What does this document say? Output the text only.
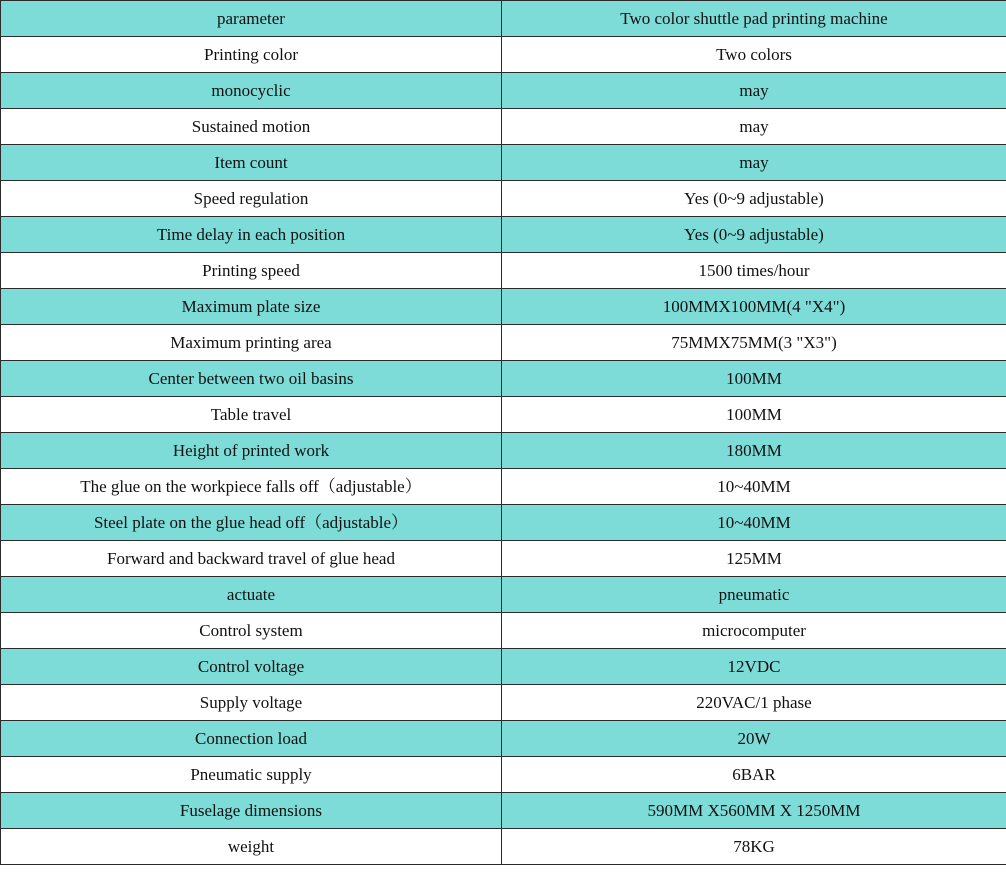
parameter	Two color shuttle pad printing machine
Printing color	Two colors
monocyclic	may
Sustained motion	may
Item count	may
Speed regulation	Yes (0~9 adjustable)
Time delay in each position	Yes (0~9 adjustable)
Printing speed	1500 times/hour
Maximum plate size	100MMX100MM(4 "X4")
Maximum printing area	75MMX75MM(3 "X3")
Center between two oil basins	100MM
Table travel	100MM
Height of printed work	180MM
The glue on the workpiece falls off（adjustable）	10~40MM
Steel plate on the glue head off（adjustable）	10~40MM
Forward and backward travel of glue head	125MM
actuate	pneumatic
Control system	microcomputer
Control voltage	12VDC
Supply voltage	220VAC/1 phase
Connection load	20W
Pneumatic supply	6BAR
Fuselage dimensions	590MM X560MM X 1250MM
weight	78KG
